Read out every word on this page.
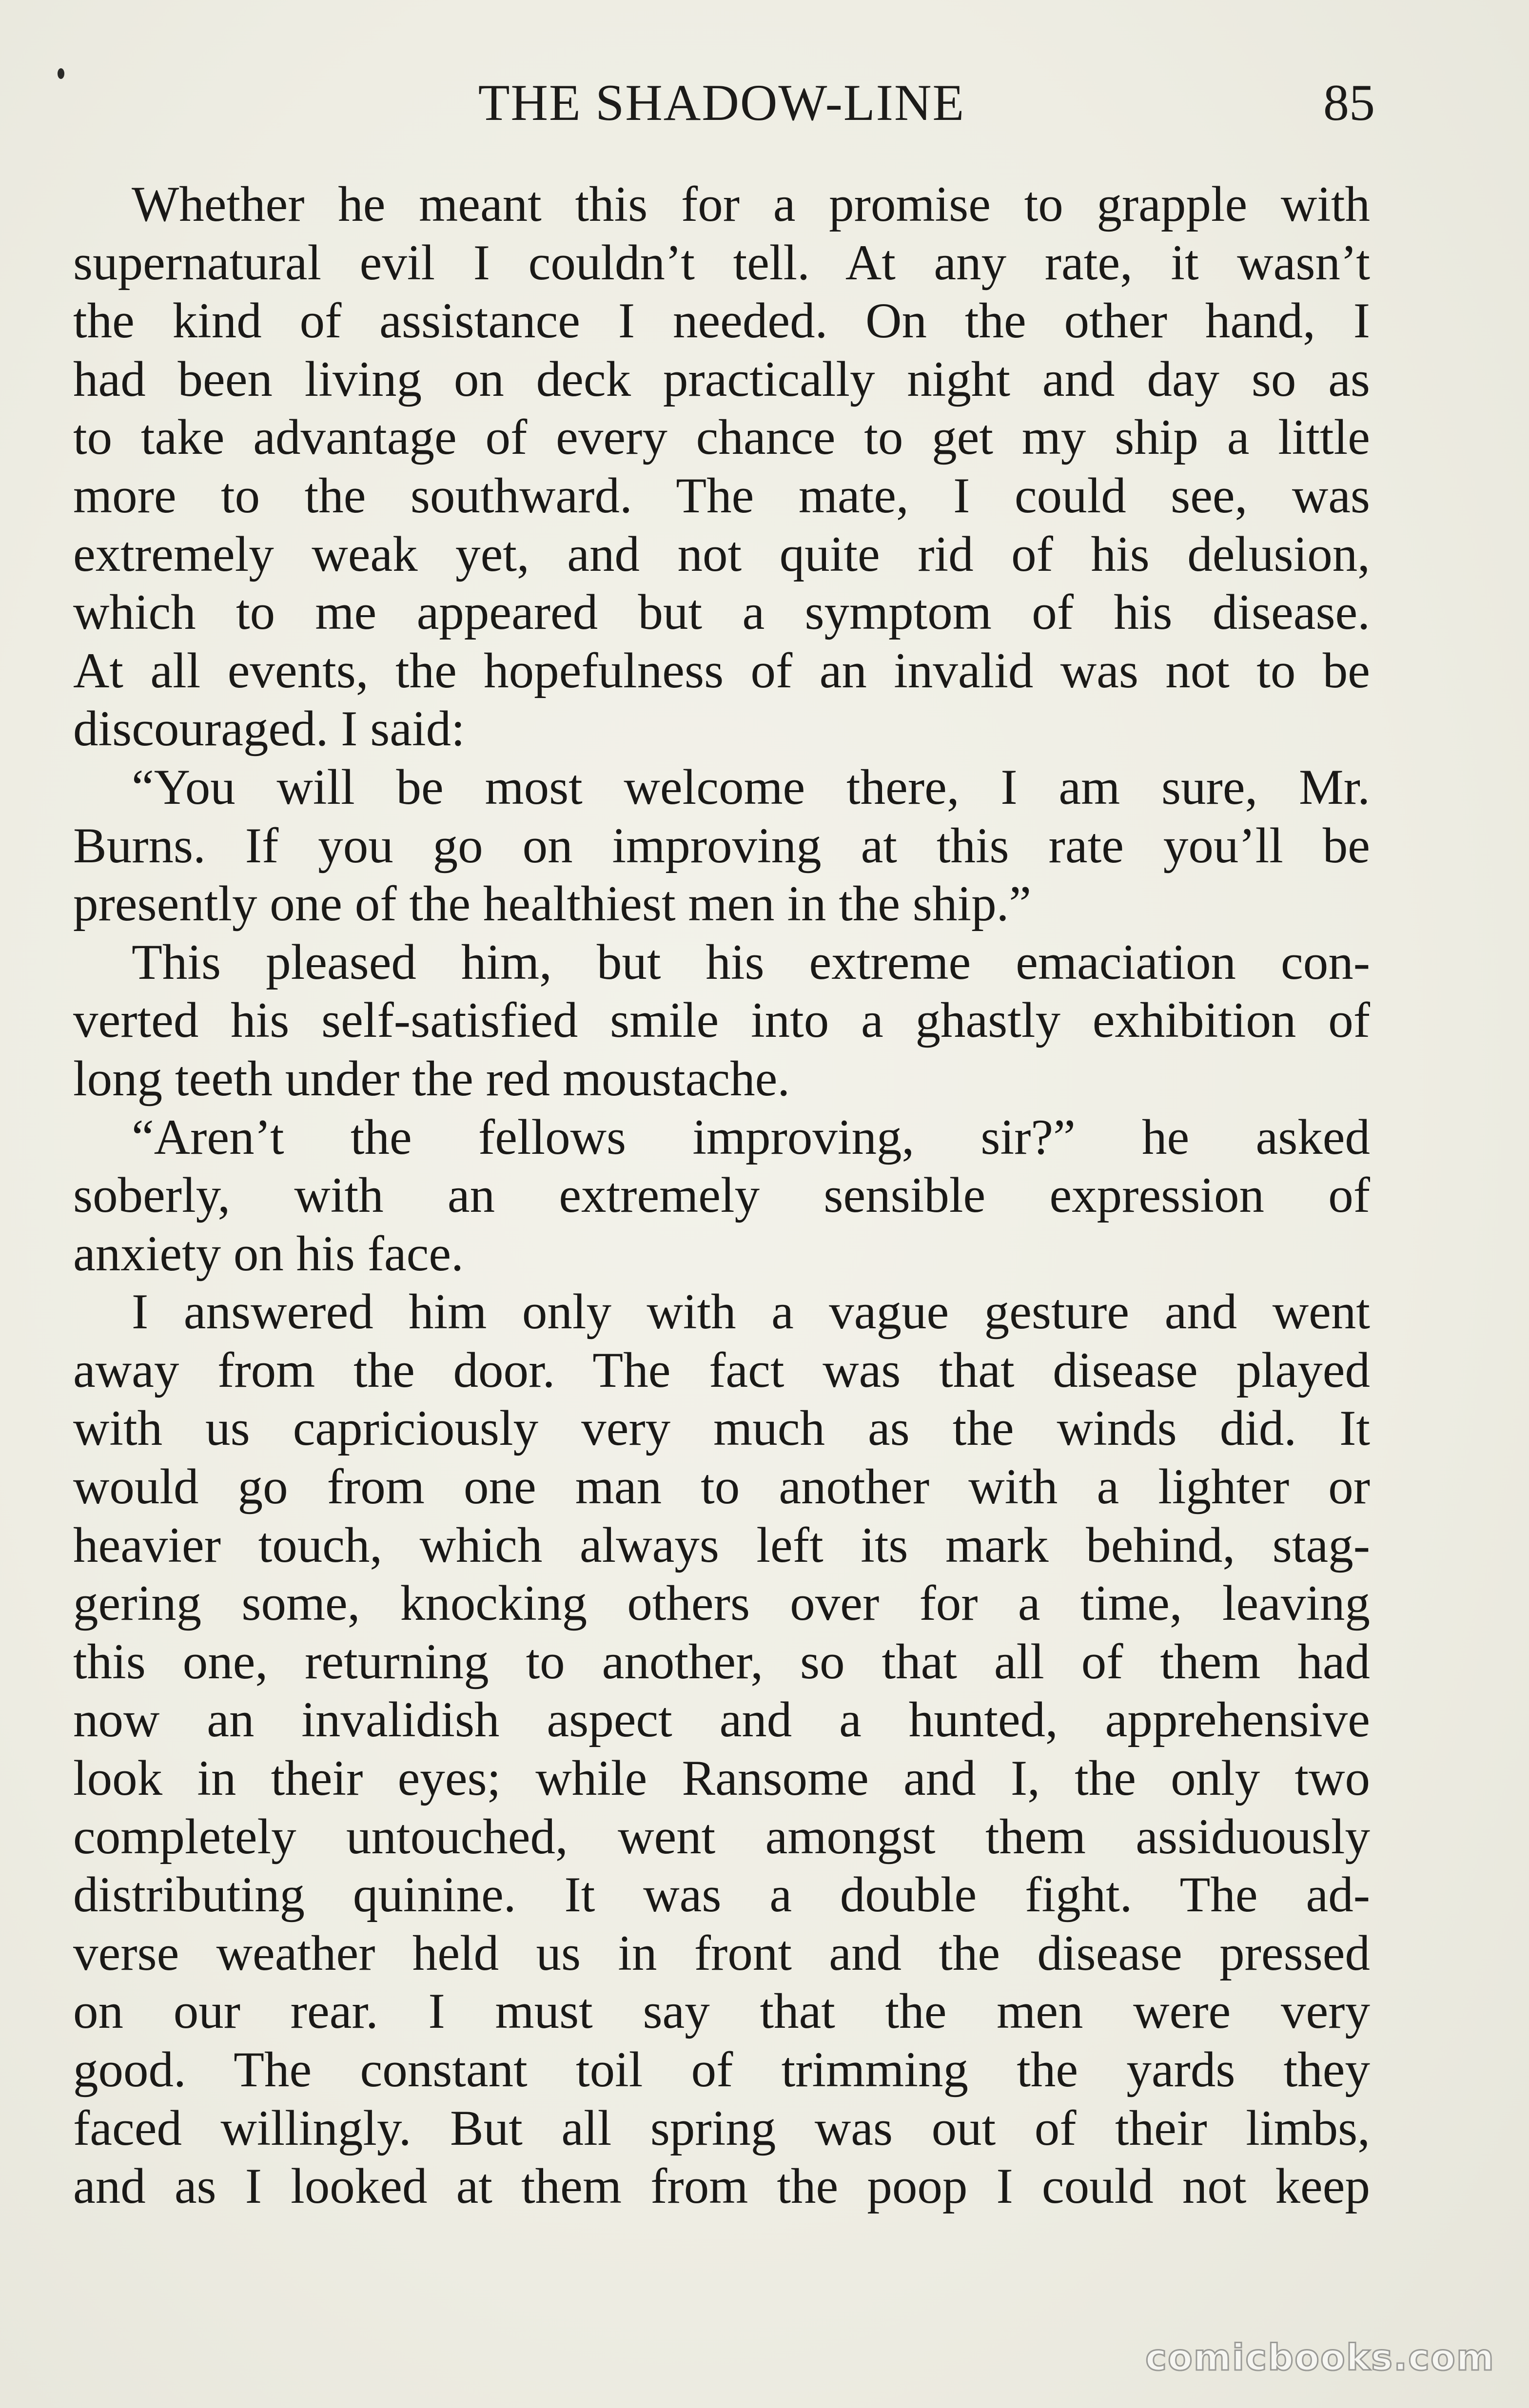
THE SHADOW-LINE	85
Whether he meant this for a promise to grapple with
supernatural evil I couldn’t tell. At any rate, it wasn’t
the kind of assistance I needed. On the other hand, I
had been living on deck practically night and day so as
to take advantage of every chance to get my ship a little
more to the southward. The mate, I could see, was
extremely weak yet, and not quite rid of his delusion,
which to me appeared but a symptom of his disease.
At all events, the hopefulness of an invalid was not to be
discouraged. I said:
“You will be most welcome there, I am sure, Mr.
Burns. If you go on improving at this rate you’ll be
presently one of the healthiest men in the ship.”
This pleased him, but his extreme emaciation con-
verted his self-satisfied smile into a ghastly exhibition of
long teeth under the red moustache.
“Aren’t the fellows improving, sir?” he asked
soberly, with an extremely sensible expression of
anxiety on his face.
I answered him only with a vague gesture and went
away from the door. The fact was that disease played
with us capriciously very much as the winds did. It
would go from one man to another with a lighter or
heavier touch, which always left its mark behind, stag-
gering some, knocking others over for a time, leaving
this one, returning to another, so that all of them had
now an invalidish aspect and a hunted, apprehensive
look in their eyes; while Ransome and I, the only two
completely untouched, went amongst them assiduously
distributing quinine. It was a double fight. The ad-
verse weather held us in front and the disease pressed
on our rear. I must say that the men were very
good. The constant toil of trimming the yards they
faced willingly. But all spring was out of their limbs,
and as I looked at them from the poop I could not keep
comicbooks.com
